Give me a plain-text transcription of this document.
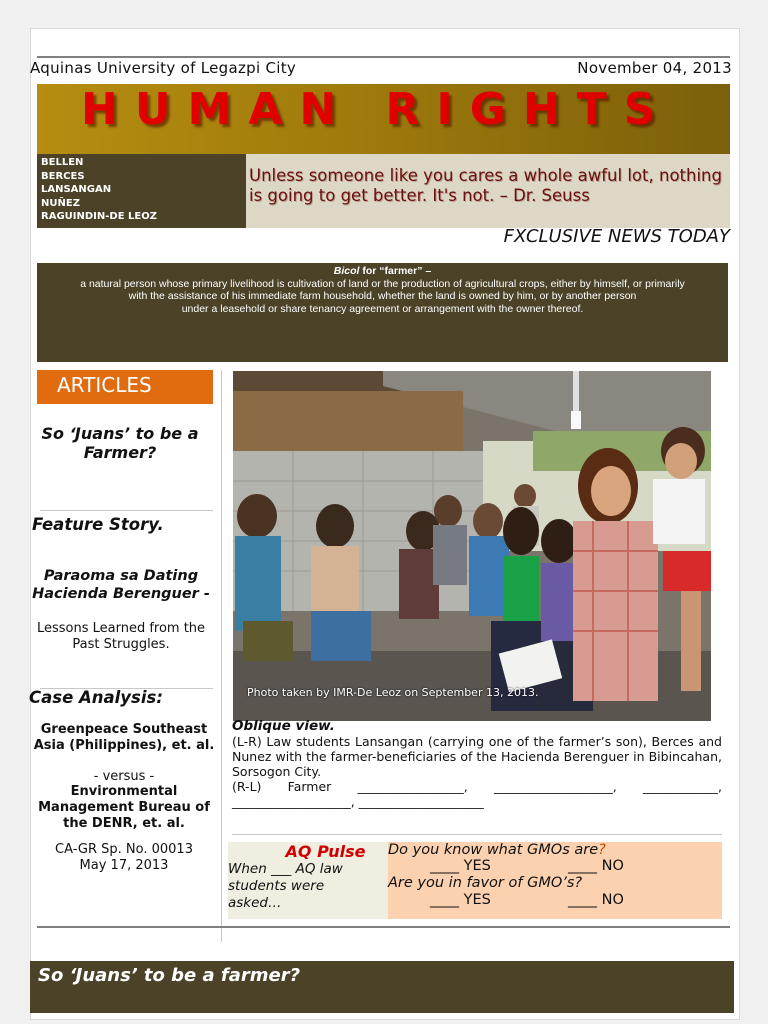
Aquinas University of Legazpi City	November 04, 2013
HUMAN RIGHTS
BELLEN
BERCES
LANSANGAN
NUÑEZ
RAGUINDIN-DE LEOZ
Unless someone like you cares a whole awful lot, nothing is going to get better. It's not. – Dr. Seuss
PARAOMA FXCLUSIVE NEWS TODAY
Bicol for “farmer” –
a natural person whose primary livelihood is cultivation of land or the production of agricultural crops, either by himself, or primarily
with the assistance of his immediate farm household, whether the land is owned by him, or by another person
under a leasehold or share tenancy agreement or arrangement with the owner thereof.
ARTICLES
So ‘Juans’ to be a Farmer?
Feature Story.
Paraoma sa Dating Hacienda Berenguer -
Lessons Learned from the Past Struggles.
Case Analysis:
Greenpeace Southeast Asia (Philippines), et. al.
- versus -
Environmental Management Bureau of the DENR, et. al.
CA-GR Sp. No. 00013
May 17, 2013
Photo taken by IMR-De Leoz on September 13, 2013.
Oblique view.
(L-R) Law students Lansangan (carrying one of the farmer’s son), Berces and Nunez with the farmer-beneficiaries of the Hacienda Berenguer in Bibincahan, Sorsogon City.
(R-L) Farmer _________________, ___________________, ____________, ___________________, ____________________
AQ Pulse
When ___ AQ law students were asked…
Do you know what GMOs are?
____ YES	____ NO
Are you in favor of GMO’s?
____ YES	____ NO
So ‘Juans’ to be a farmer?
